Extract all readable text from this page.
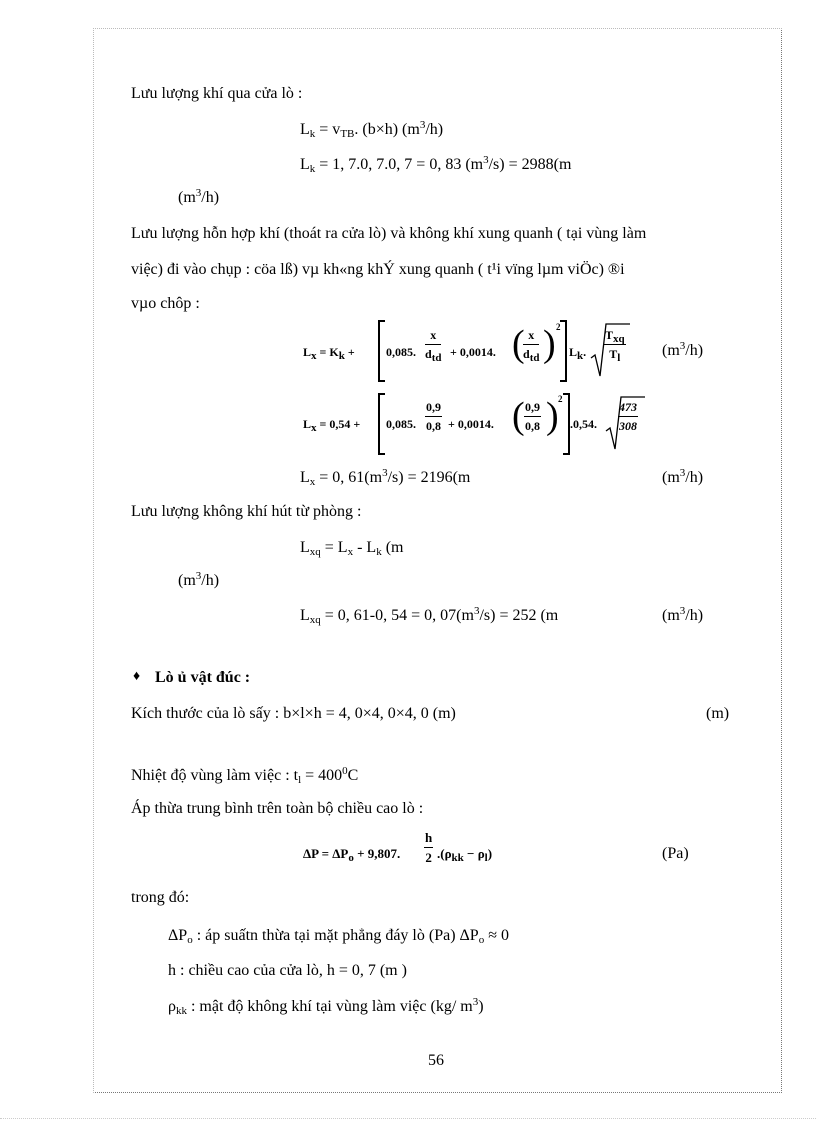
Lưu lượng khí qua cửa lò :
$L_k = v_{TB}$. (b×h) $(m^3/h)$
$L_k = 1$, 7.0, 7.0, 7 = 0, 83 $(m^3/s) = 2988(m$
$(m^3/h)$
Lưu lượng hỗn hợp khí (thoát ra cửa lò) và không khí xung quanh ( tại vùng làm
việc) đi vào chụp : cöa lß) vµ kh«ng khÝ xung quanh ( t¹i vïng lµm viÖc) ®i
vµo chôp :
$L_x = K_k$ +	0,085. $\frac{x}{d_{td}} + 0,0014$. (
$\frac{x}{d_{td}}$ ) 2
$L_k$. $\frac{T_{xq}}{T_l} (m^3/h)$
$L_x = 0,54 + 0,085$. $\frac{0,9}{0,8} + 0,0014$. ( $\frac{0,9}{0,8}$ ) 2
.0,54. $\frac{473}{308}$
$L_x = 0$, $61(m^3/s) = 2196(m$	$(m^3/h)$
Lưu lượng không khí hút từ phòng :
$L_{xq} = L_x - L_k$ (m
$(m^3/h)$
$L_{xq} = 0$, 61-0, 54 = 0, $07(m^3/s) = 252$ (m	$(m^3/h)$
♦ Lò ủ vật đúc :
Kích thước của lò sấy : b×l×h = 4, 0×4, 0×4, 0 (m)	(m)
Nhiệt độ vùng làm việc : $t_l = 400^0C$
Áp thừa trung bình trên toàn bộ chiều cao lò :
$\Delta P = \Delta P_o + 9,807$. $\frac{h}{2} .(\rho_{kk} - \rho_l)$	(Pa)
trong đó:
$\Delta P_o$ : áp suấtn thừa tại mặt phẳng đáy lò (Pa) $\Delta P_o \approx 0$
h : chiều cao của cửa lò, h = 0, 7 (m )
$\rho_{kk}$ : mật độ không khí tại vùng làm việc (kg/ $m^3$)
56
